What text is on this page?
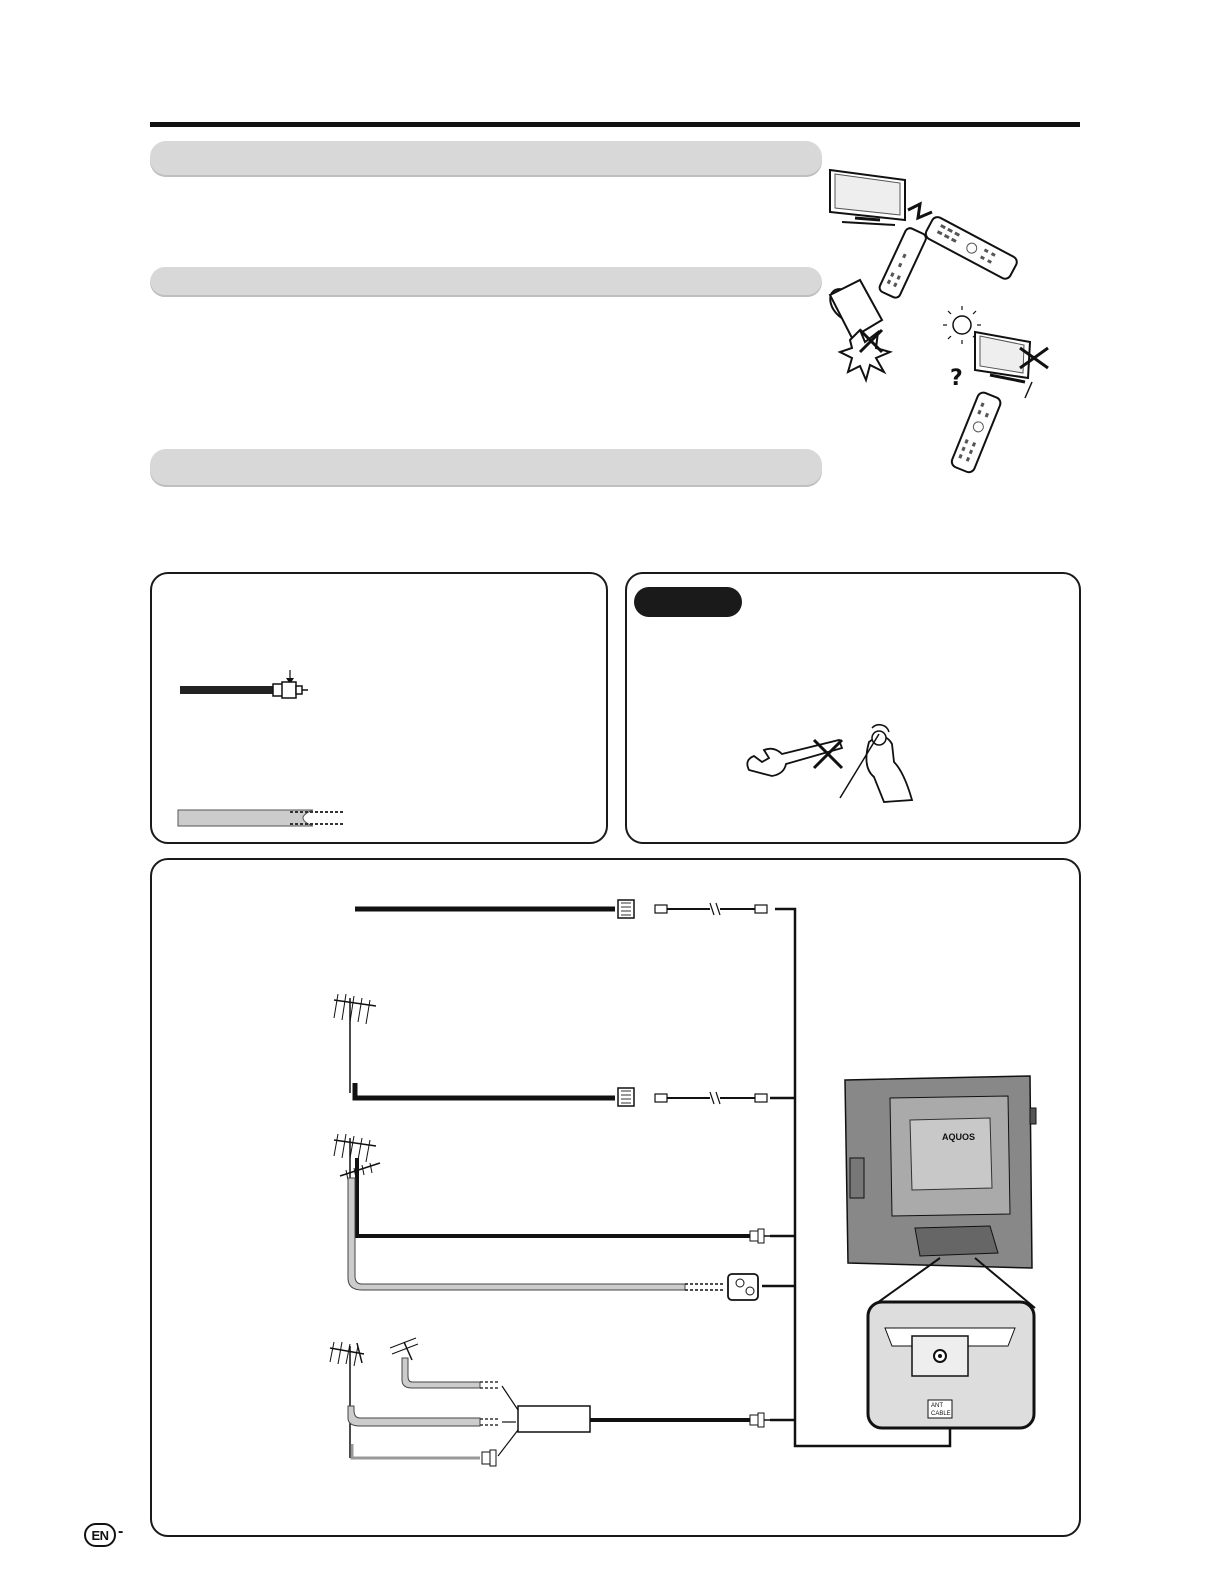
?
AQUOS
ANT
CABLE
EN -
